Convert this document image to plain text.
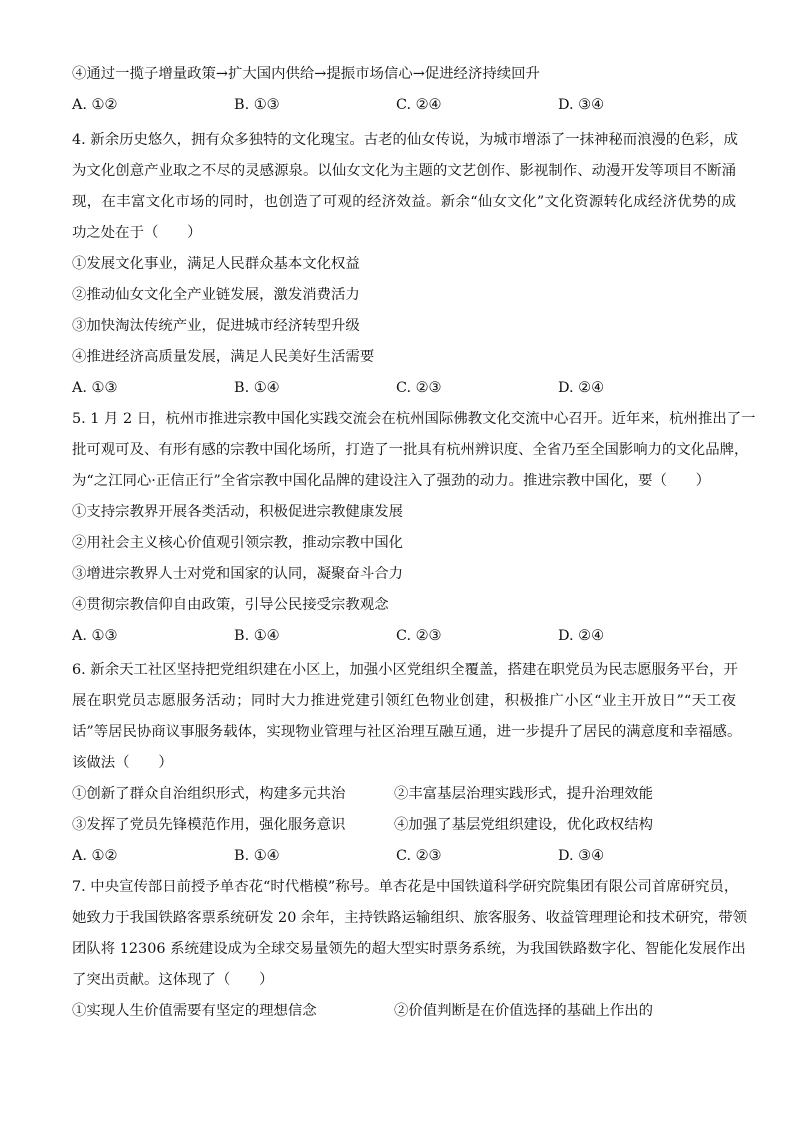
④通过一揽子增量政策→扩大国内供给→提振市场信心→促进经济持续回升
A. ①②	B. ①③	C. ②④	D. ③④
4. 新余历史悠久，拥有众多独特的文化瑰宝。古老的仙女传说，为城市增添了一抹神秘而浪漫的色彩，成
为文化创意产业取之不尽的灵感源泉。以仙女文化为主题的文艺创作、影视制作、动漫开发等项目不断涌
现，在丰富文化市场的同时，也创造了可观的经济效益。新余“仙女文化”文化资源转化成经济优势的成
功之处在于（　　）
①发展文化事业，满足人民群众基本文化权益
②推动仙女文化全产业链发展，激发消费活力
③加快淘汰传统产业，促进城市经济转型升级
④推进经济高质量发展，满足人民美好生活需要
A. ①③	B. ①④	C. ②③	D. ②④
5. 1 月 2 日，杭州市推进宗教中国化实践交流会在杭州国际佛教文化交流中心召开。近年来，杭州推出了一
批可观可及、有形有感的宗教中国化场所，打造了一批具有杭州辨识度、全省乃至全国影响力的文化品牌，
为“之江同心·正信正行”全省宗教中国化品牌的建设注入了强劲的动力。推进宗教中国化，要（　　）
①支持宗教界开展各类活动，积极促进宗教健康发展
②用社会主义核心价值观引领宗教，推动宗教中国化
③增进宗教界人士对党和国家的认同，凝聚奋斗合力
④贯彻宗教信仰自由政策，引导公民接受宗教观念
A. ①③	B. ①④	C. ②③	D. ②④
6. 新余天工社区坚持把党组织建在小区上，加强小区党组织全覆盖，搭建在职党员为民志愿服务平台，开
展在职党员志愿服务活动；同时大力推进党建引领红色物业创建，积极推广小区“业主开放日”“天工夜
话”等居民协商议事服务载体，实现物业管理与社区治理互融互通，进一步提升了居民的满意度和幸福感。
该做法（　　）
①创新了群众自治组织形式，构建多元共治	②丰富基层治理实践形式，提升治理效能
③发挥了党员先锋模范作用，强化服务意识	④加强了基层党组织建设，优化政权结构
A. ①②	B. ①④	C. ②③	D. ③④
7. 中央宣传部日前授予单杏花“时代楷模”称号。单杏花是中国铁道科学研究院集团有限公司首席研究员，
她致力于我国铁路客票系统研发 20 余年，主持铁路运输组织、旅客服务、收益管理理论和技术研究，带领
团队将 12306 系统建设成为全球交易量领先的超大型实时票务系统，为我国铁路数字化、智能化发展作出
了突出贡献。这体现了（　　）
①实现人生价值需要有坚定的理想信念	②价值判断是在价值选择的基础上作出的
